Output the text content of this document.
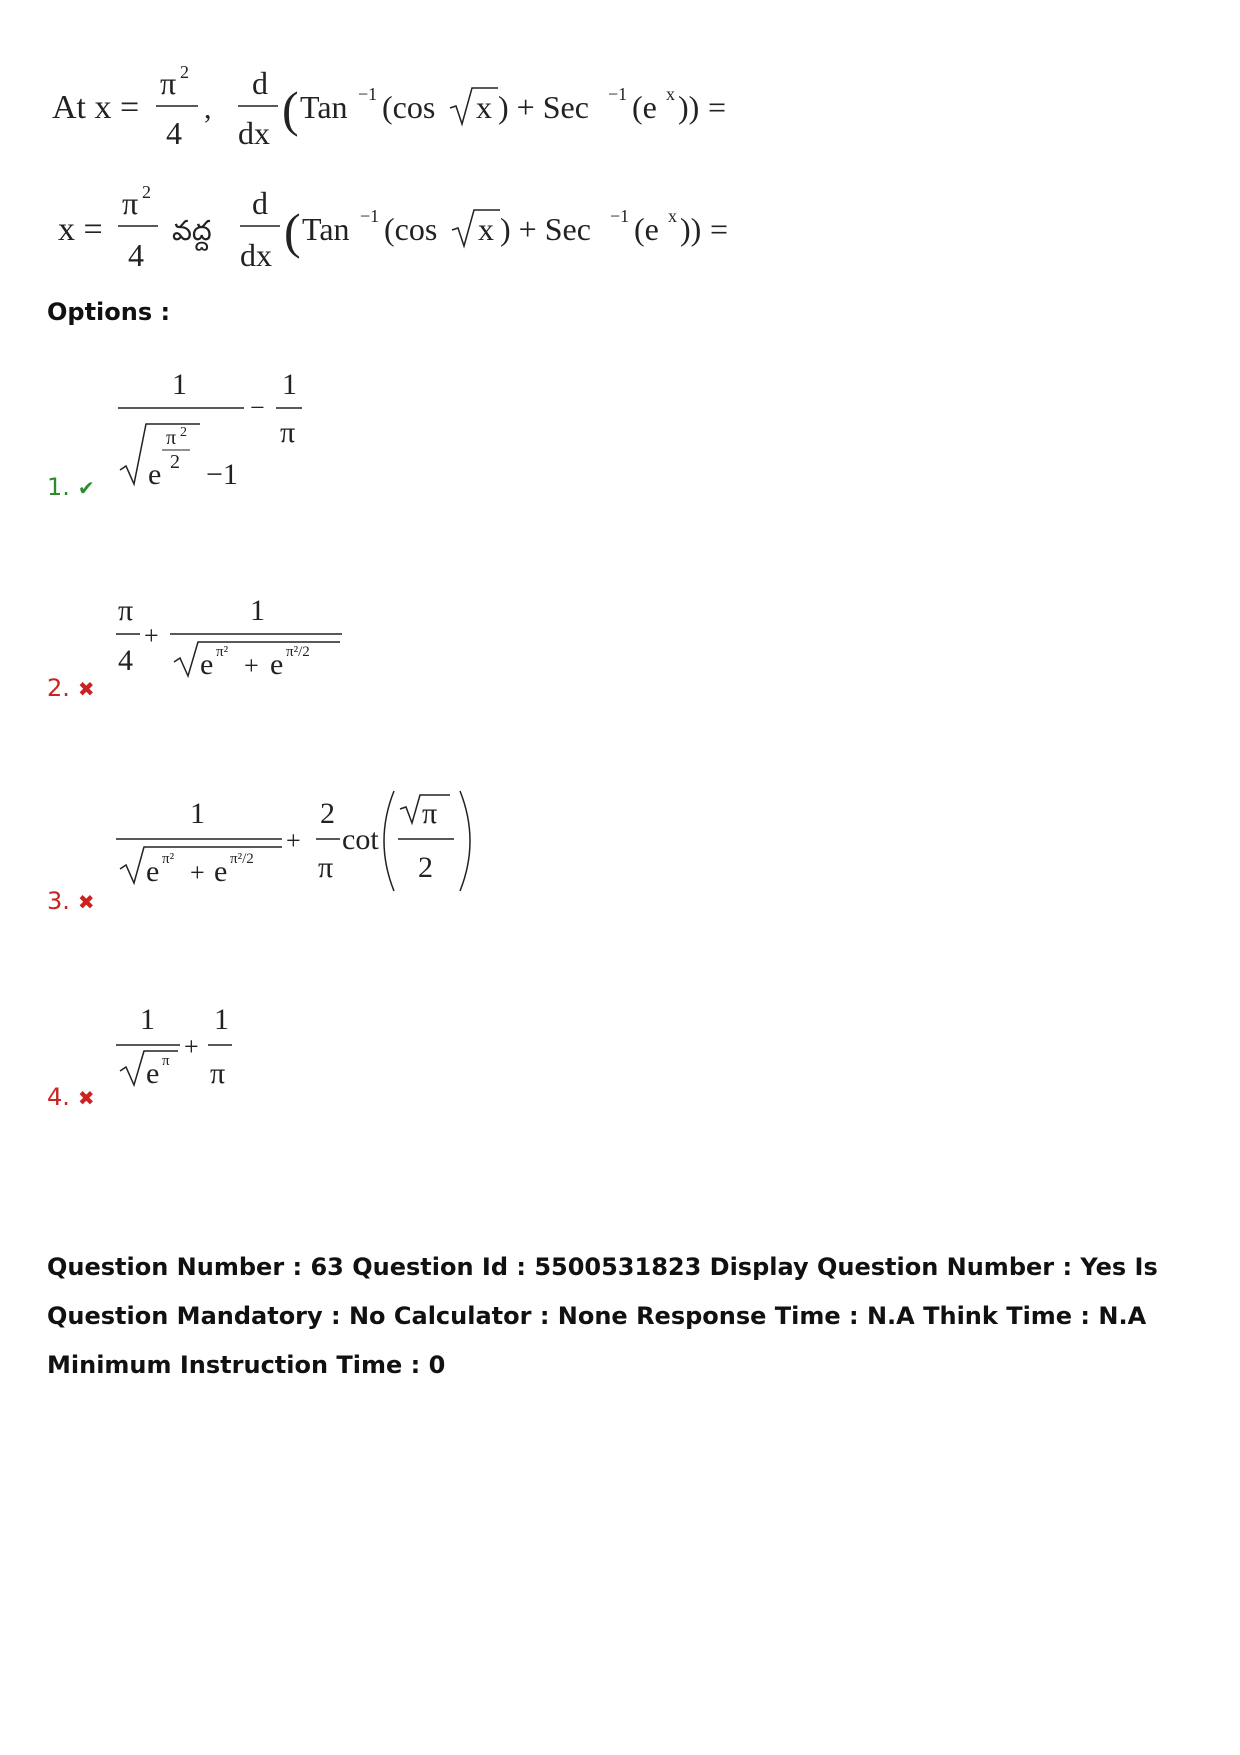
At x =
π 2
4
,
d
dx ( Tan −1 (cos x ) + Sec −1 (e x )) =
x =
π 2
4
వద్ద
d
dx ( Tan −1 (cos x ) + Sec −1 (e x )) =
Options :
1
π 2
2
e −1
−
1
π
1. ✔
π
4
+
1
e π² + e π²/2
2. ✖
1
e π² + e π²/2
+
2
π
cot
π
2
3. ✖
1
e π +
1
π
4. ✖
Question Number : 63 Question Id : 5500531823 Display Question Number : Yes Is Question Mandatory : No Calculator : None Response Time : N.A Think Time : N.A Minimum Instruction Time : 0
